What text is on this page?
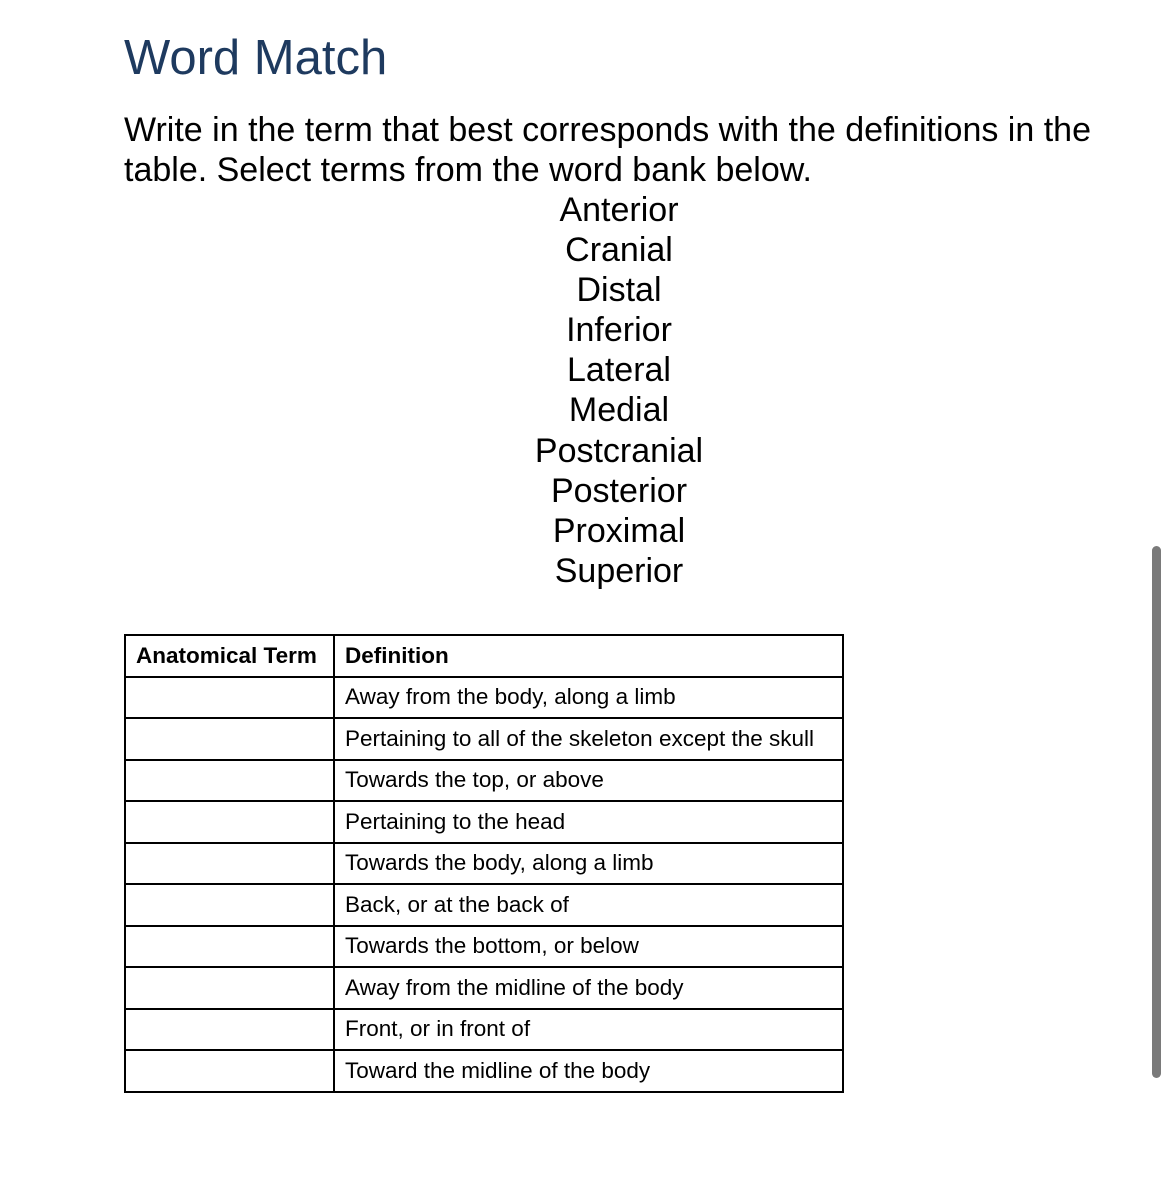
Word Match

Write in the term that best corresponds with the definitions in the table. Select terms from the word bank below.

Anterior
Cranial
Distal
Inferior
Lateral
Medial
Postcranial
Posterior
Proximal
Superior
Anatomical Term	Definition

	Away from the body, along a limb

	Pertaining to all of the skeleton except the skull

	Towards the top, or above

	Pertaining to the head

	Towards the body, along a limb

	Back, or at the back of

	Towards the bottom, or below

	Away from the midline of the body

	Front, or in front of

	Toward the midline of the body
